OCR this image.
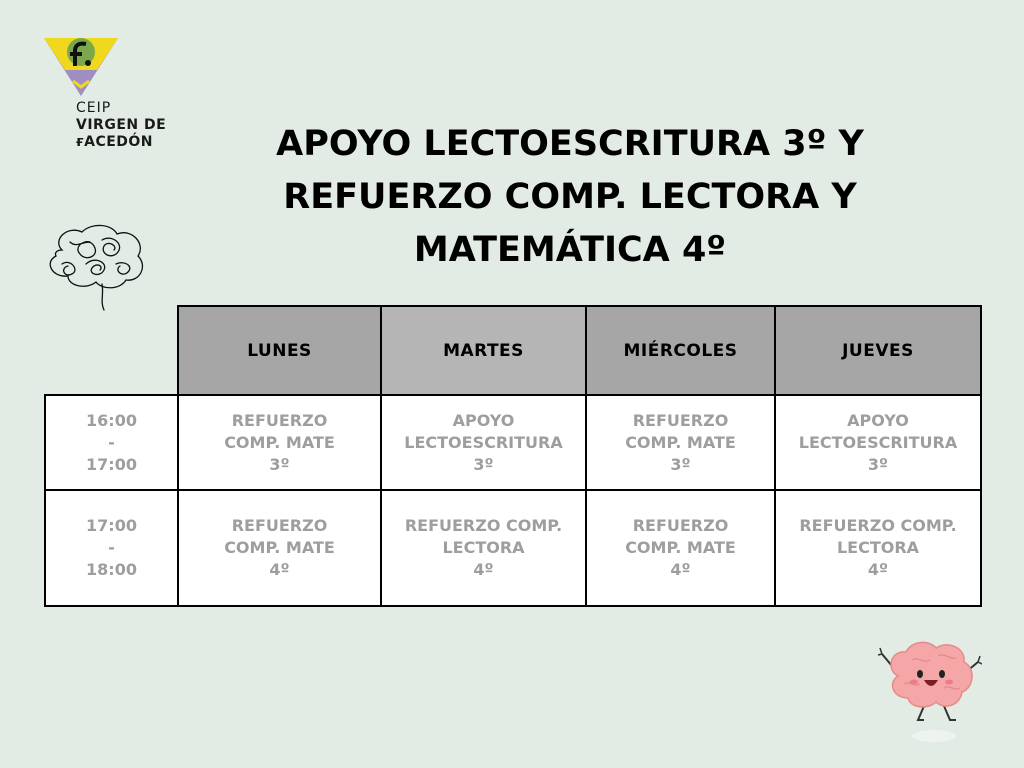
CEIP
VIRGEN DE
ғACEDÓN	APOYO LECTOESCRITURA 3º Y
REFUERZO COMP. LECTORA Y
MATEMÁTICA 4º
	LUNES	MARTES	MIÉRCOLES	JUEVES

16:00
-
17:00	REFUERZO
COMP. MATE
3º	APOYO
LECTOESCRITURA
3º	REFUERZO
COMP. MATE
3º	APOYO
LECTOESCRITURA
3º

17:00
-
18:00	REFUERZO
COMP. MATE
4º	REFUERZO COMP.
LECTORA
4º	REFUERZO
COMP. MATE
4º	REFUERZO COMP.
LECTORA
4º
